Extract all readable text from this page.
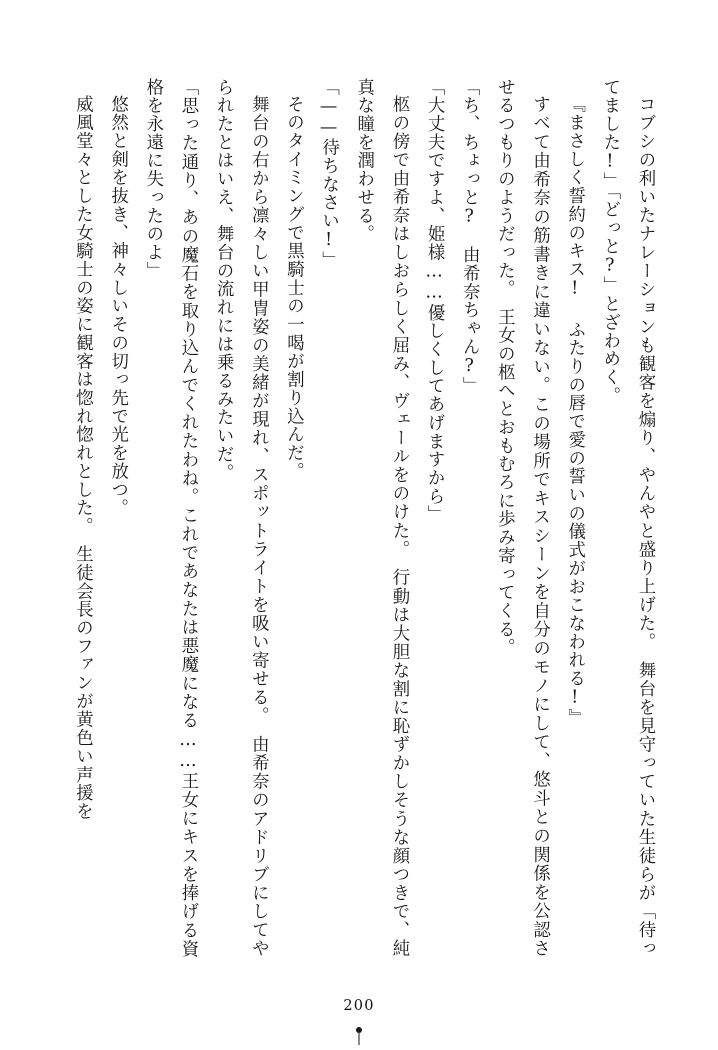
コブシの利いたナレーションも観客を煽り、やんやと盛り上げた。　舞台を見守っていた生徒らが「待ってました!」「どっと?」とざわめく。

『まさしく誓約のキス! ふたりの唇で愛の誓いの儀式がおこなわれる!』

すべて由希奈の筋書きに違いない。この場所でキスシーンを自分のモノにして、悠斗との関係を公認させるつもりのようだった。　王女の柩へとおもむろに歩み寄ってくる。

「ち、ちょっと?　由希奈ちゃん?」

「大丈夫ですよ、姫様……優しくしてあげますから」

柩の傍で由希奈はしおらしく屈み、ヴェールをのけた。　行動は大胆な割に恥ずかしそうな顔つきで、純真な瞳を潤わせる。

「——待ちなさい!」

そのタイミングで黒騎士の一喝が割り込んだ。

舞台の右から凛々しい甲冑姿の美緒が現れ、スポットライトを吸い寄せる。　由希奈のアドリブにしてやられたとはいえ、舞台の流れには乗るみたいだ。

「思った通り、あの魔石を取り込んでくれたわね。これであなたは悪魔になる……王女にキスを捧げる資格を永遠に失ったのよ」

悠然と剣を抜き、神々しいその切っ先で光を放つ。

威風堂々とした女騎士の姿に観客は惚れ惚れとした。　生徒会長のファンが黄色い声援を

200
